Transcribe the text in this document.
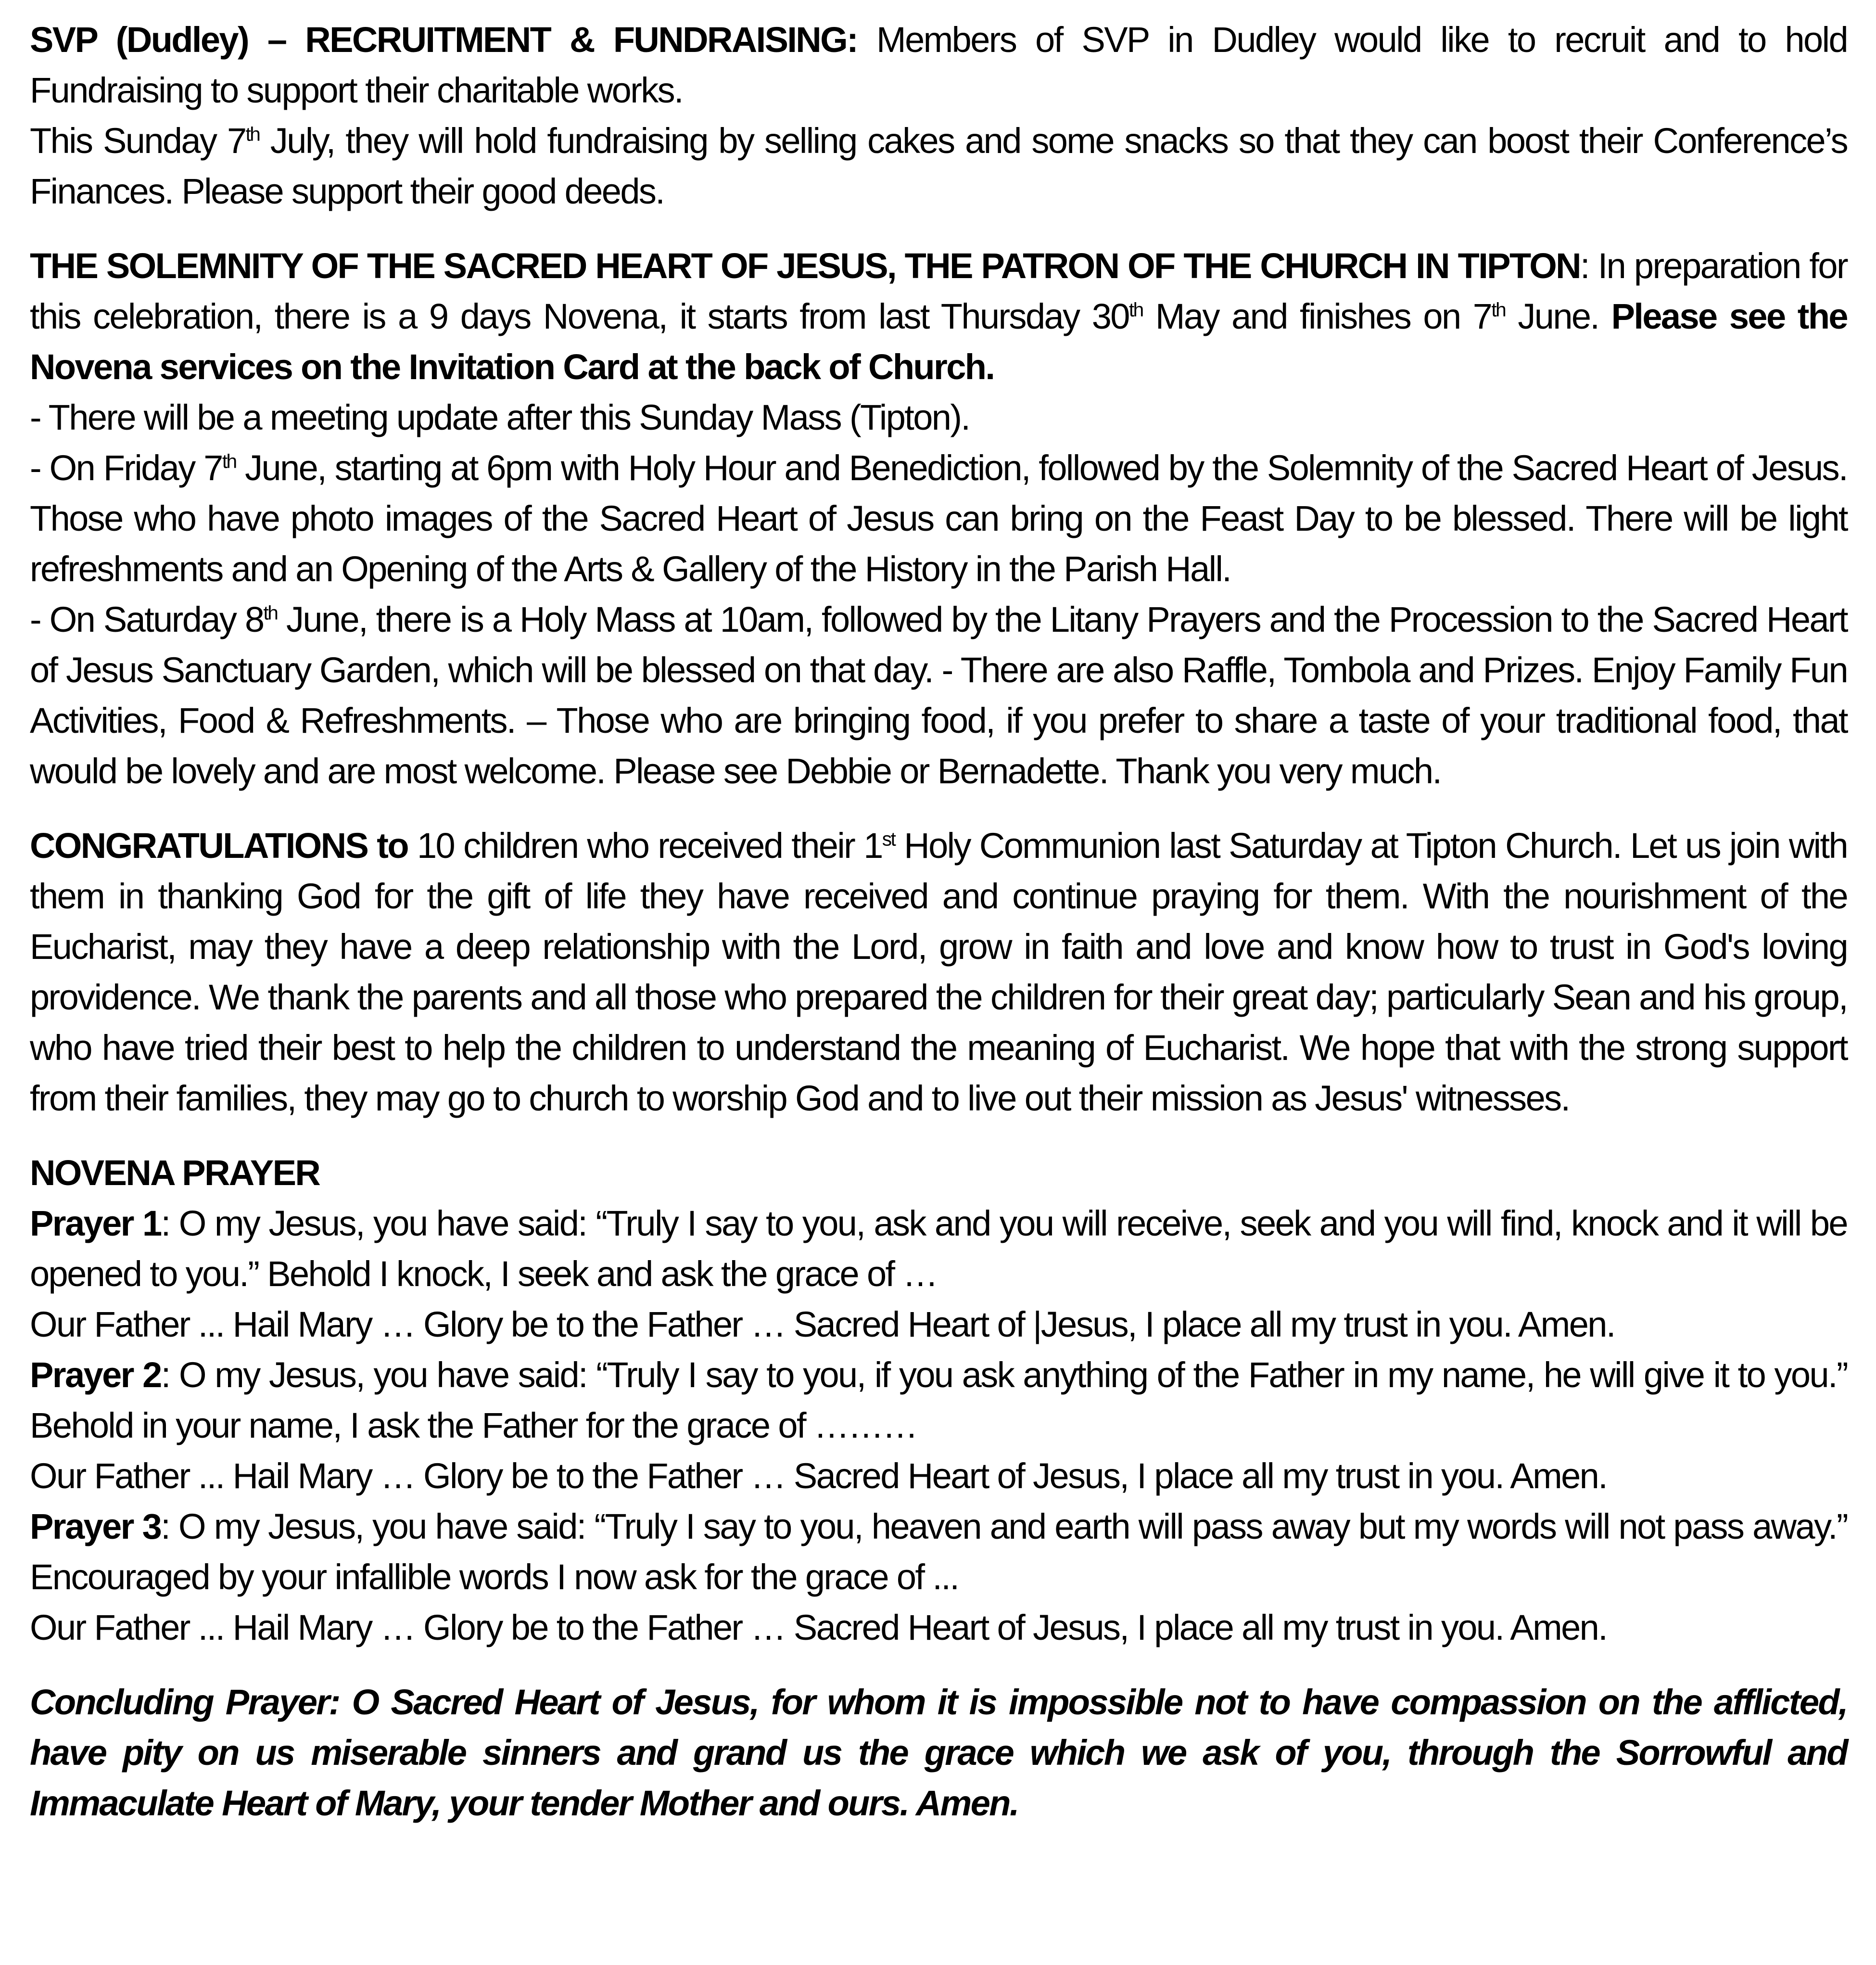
SVP (Dudley) – RECRUITMENT & FUNDRAISING: Members of SVP in Dudley would like to recruit and to hold Fundraising to support their charitable works.

This Sunday 7th July, they will hold fundraising by selling cakes and some snacks so that they can boost their Conference’s Finances. Please support their good deeds.

THE SOLEMNITY OF THE SACRED HEART OF JESUS, THE PATRON OF THE CHURCH IN TIPTON: In preparation for this celebration, there is a 9 days Novena, it starts from last Thursday 30th May and finishes on 7th June. Please see the Novena services on the Invitation Card at the back of Church.

- There will be a meeting update after this Sunday Mass (Tipton).

- On Friday 7th June, starting at 6pm with Holy Hour and Benediction, followed by the Solemnity of the Sacred Heart of Jesus. Those who have photo images of the Sacred Heart of Jesus can bring on the Feast Day to be blessed. There will be light refreshments and an Opening of the Arts & Gallery of the History in the Parish Hall.

- On Saturday 8th June, there is a Holy Mass at 10am, followed by the Litany Prayers and the Procession to the Sacred Heart of Jesus Sanctuary Garden, which will be blessed on that day. - There are also Raffle, Tombola and Prizes. Enjoy Family Fun Activities, Food & Refreshments. – Those who are bringing food, if you prefer to share a taste of your traditional food, that would be lovely and are most welcome. Please see Debbie or Bernadette. Thank you very much.

CONGRATULATIONS to 10 children who received their 1st Holy Communion last Saturday at Tipton Church. Let us join with them in thanking God for the gift of life they have received and continue praying for them. With the nourishment of the Eucharist, may they have a deep relationship with the Lord, grow in faith and love and know how to trust in God's loving providence. We thank the parents and all those who prepared the children for their great day; particularly Sean and his group, who have tried their best to help the children to understand the meaning of Eucharist. We hope that with the strong support from their families, they may go to church to worship God and to live out their mission as Jesus' witnesses.

NOVENA PRAYER

Prayer 1: O my Jesus, you have said: “Truly I say to you, ask and you will receive, seek and you will find, knock and it will be opened to you.” Behold I knock, I seek and ask the grace of …

Our Father ... Hail Mary … Glory be to the Father … Sacred Heart of |Jesus, I place all my trust in you. Amen.

Prayer 2: O my Jesus, you have said: “Truly I say to you, if you ask anything of the Father in my name, he will give it to you.” Behold in your name, I ask the Father for the grace of ………

Our Father ... Hail Mary … Glory be to the Father … Sacred Heart of Jesus, I place all my trust in you. Amen.

Prayer 3: O my Jesus, you have said: “Truly I say to you, heaven and earth will pass away but my words will not pass away.” Encouraged by your infallible words I now ask for the grace of ...

Our Father ... Hail Mary … Glory be to the Father … Sacred Heart of Jesus, I place all my trust in you. Amen.

Concluding Prayer: O Sacred Heart of Jesus, for whom it is impossible not to have compassion on the afflicted, have pity on us miserable sinners and grand us the grace which we ask of you, through the Sorrowful and Immaculate Heart of Mary, your tender Mother and ours. Amen.
